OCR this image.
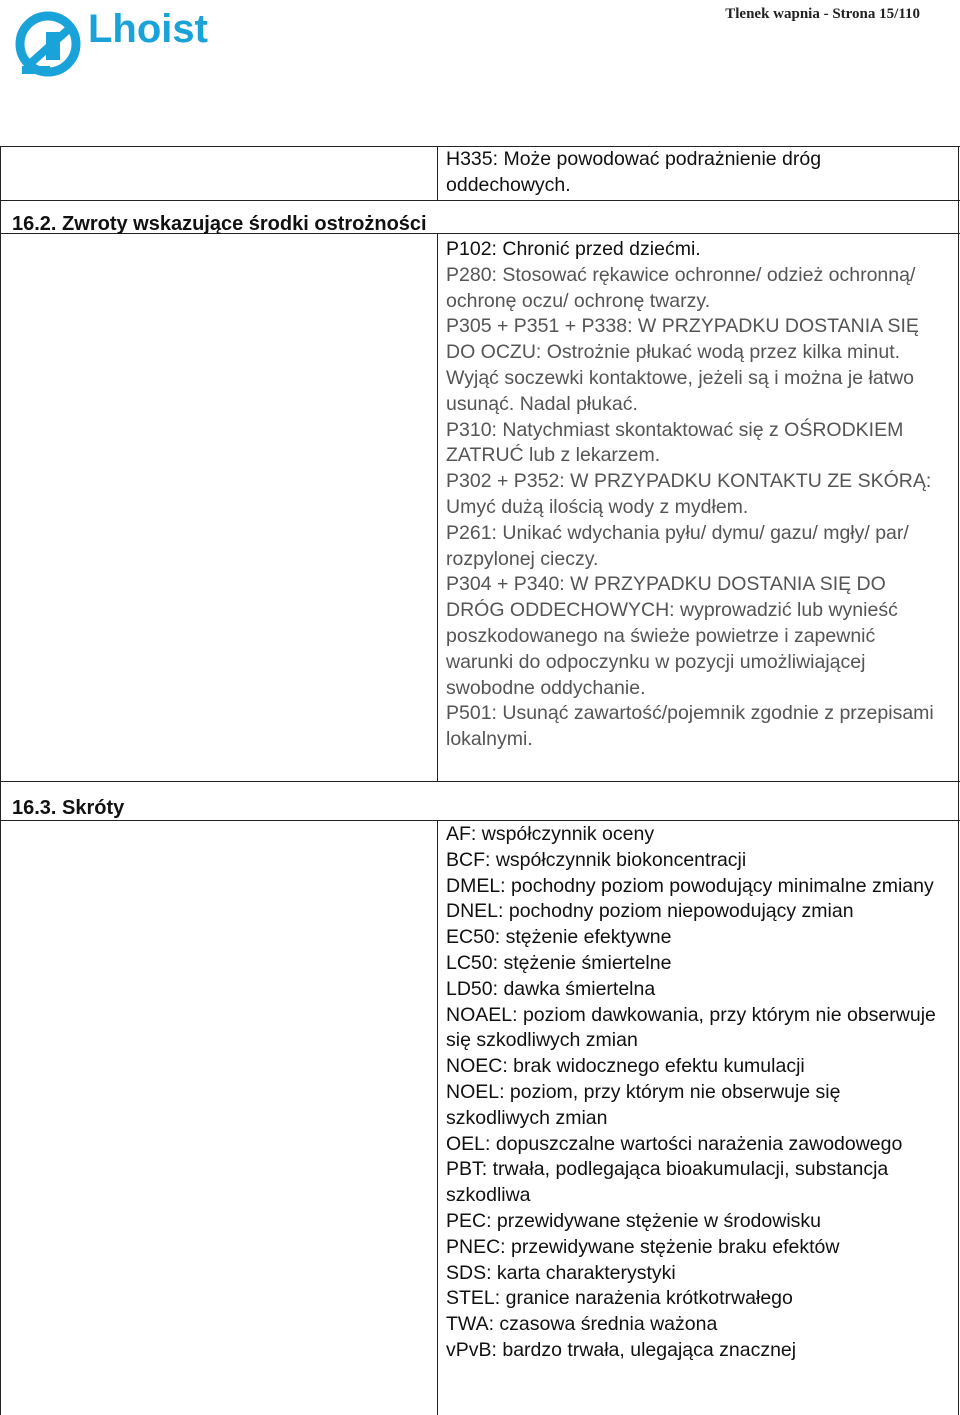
Lhoist	Tlenek wapnia - Strona 15/110
H335: Może powodować podrażnienie dróg oddechowych.
16.2. Zwroty wskazujące środki ostrożności

P102: Chronić przed dziećmi.

P280: Stosować rękawice ochronne/ odzież ochronną/ ochronę oczu/ ochronę twarzy.

P305 + P351 + P338: W PRZYPADKU DOSTANIA SIĘ DO OCZU: Ostrożnie płukać wodą przez kilka minut. Wyjąć soczewki kontaktowe, jeżeli są i można je łatwo usunąć. Nadal płukać.

P310: Natychmiast skontaktować się z OŚRODKIEM ZATRUĆ lub z lekarzem.

P302 + P352: W PRZYPADKU KONTAKTU ZE SKÓRĄ: Umyć dużą ilością wody z mydłem.

P261: Unikać wdychania pyłu/ dymu/ gazu/ mgły/ par/ rozpylonej cieczy.

P304 + P340: W PRZYPADKU DOSTANIA SIĘ DO DRÓG ODDECHOWYCH: wyprowadzić lub wynieść poszkodowanego na świeże powietrze i zapewnić warunki do odpoczynku w pozycji umożliwiającej swobodne oddychanie.

P501: Usunąć zawartość/pojemnik zgodnie z przepisami lokalnymi.

16.3. Skróty

AF: współczynnik oceny

BCF: współczynnik biokoncentracji

DMEL: pochodny poziom powodujący minimalne zmiany

DNEL: pochodny poziom niepowodujący zmian

EC50: stężenie efektywne

LC50: stężenie śmiertelne

LD50: dawka śmiertelna

NOAEL: poziom dawkowania, przy którym nie obserwuje się szkodliwych zmian

NOEC: brak widocznego efektu kumulacji

NOEL: poziom, przy którym nie obserwuje się szkodliwych zmian

OEL: dopuszczalne wartości narażenia zawodowego

PBT: trwała, podlegająca bioakumulacji, substancja szkodliwa

PEC: przewidywane stężenie w środowisku

PNEC: przewidywane stężenie braku efektów

SDS: karta charakterystyki

STEL: granice narażenia krótkotrwałego

TWA: czasowa średnia ważona

vPvB: bardzo trwała, ulegająca znacznej
